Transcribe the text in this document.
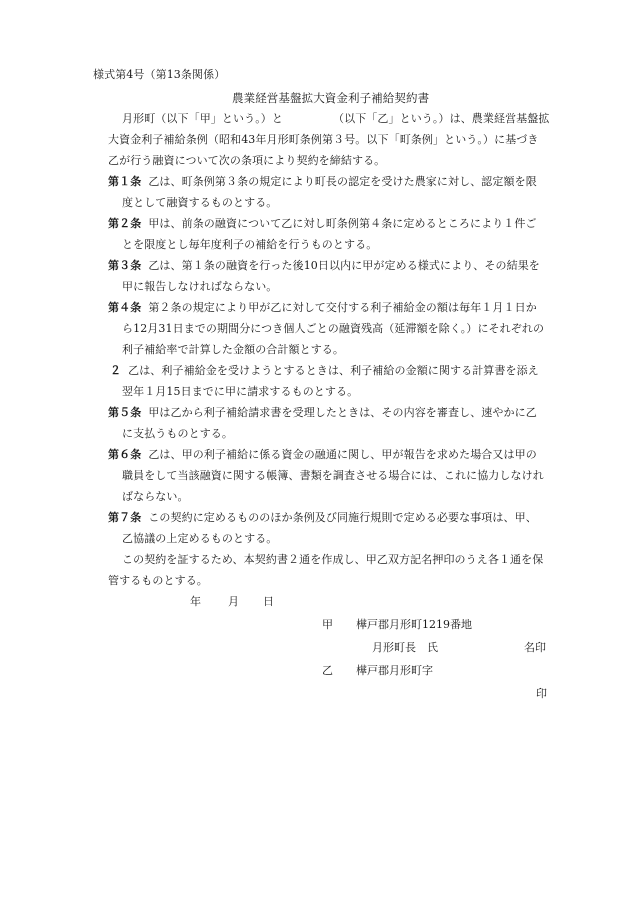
様式第4号（第13条関係）
農業経営基盤拡大資金利子補給契約書
月形町（以下「甲」という。）と　　　　　（以下「乙」という。）は、農業経営基盤拡
大資金利子補給条例（昭和43年月形町条例第３号。以下「町条例」という。）に基づき
乙が行う融資について次の条項により契約を締結する。
第１条 乙は、町条例第３条の規定により町長の認定を受けた農家に対し、認定額を限
度として融資するものとする。
第２条 甲は、前条の融資について乙に対し町条例第４条に定めるところにより１件ご
とを限度とし毎年度利子の補給を行うものとする。
第３条 乙は、第１条の融資を行った後10日以内に甲が定める様式により、その結果を
甲に報告しなければならない。
第４条 第２条の規定により甲が乙に対して交付する利子補給金の額は毎年１月１日か
ら12月31日までの期間分につき個人ごとの融資残高（延滞額を除く。）にそれぞれの
利子補給率で計算した金額の合計額とする。
２ 乙は、利子補給金を受けようとするときは、利子補給の金額に関する計算書を添え
翌年１月15日までに甲に請求するものとする。
第５条 甲は乙から利子補給請求書を受理したときは、その内容を審査し、速やかに乙
に支払うものとする。
第６条 乙は、甲の利子補給に係る資金の融通に関し、甲が報告を求めた場合又は甲の
職員をして当該融資に関する帳簿、書類を調査させる場合には、これに協力しなけれ
ばならない。
第７条 この契約に定めるもののほか条例及び同施行規則で定める必要な事項は、甲、
乙協議の上定めるものとする。
この契約を証するため、本契約書２通を作成し、甲乙双方記名押印のうえ各１通を保
管するものとする。
年 月 日
甲 樺戸郡月形町1219番地
月形町長　氏	名印
乙 樺戸郡月形町字
印
